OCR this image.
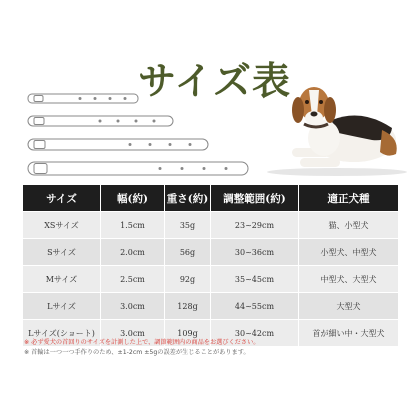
サイズ表
サイズ	幅(約)	重さ(約)	調整範囲(約)	適正犬種
XSサイズ	1.5cm	35g	23~29cm	猫、小型犬
Sサイズ	2.0cm	56g	30~36cm	小型犬、中型犬
Mサイズ	2.5cm	92g	35~45cm	中型犬、大型犬
Lサイズ	3.0cm	128g	44~55cm	大型犬
Lサイズ(ショート)	3.0cm	109g	30~42cm	首が細い中・大型犬
※ 必ず愛犬の首回りのサイズを計測した上で、調節範囲内の商品をお選びください。
※ 首輪は一つ一つ手作りのため、±1-2cm ±5gの誤差が生じることがあります。
